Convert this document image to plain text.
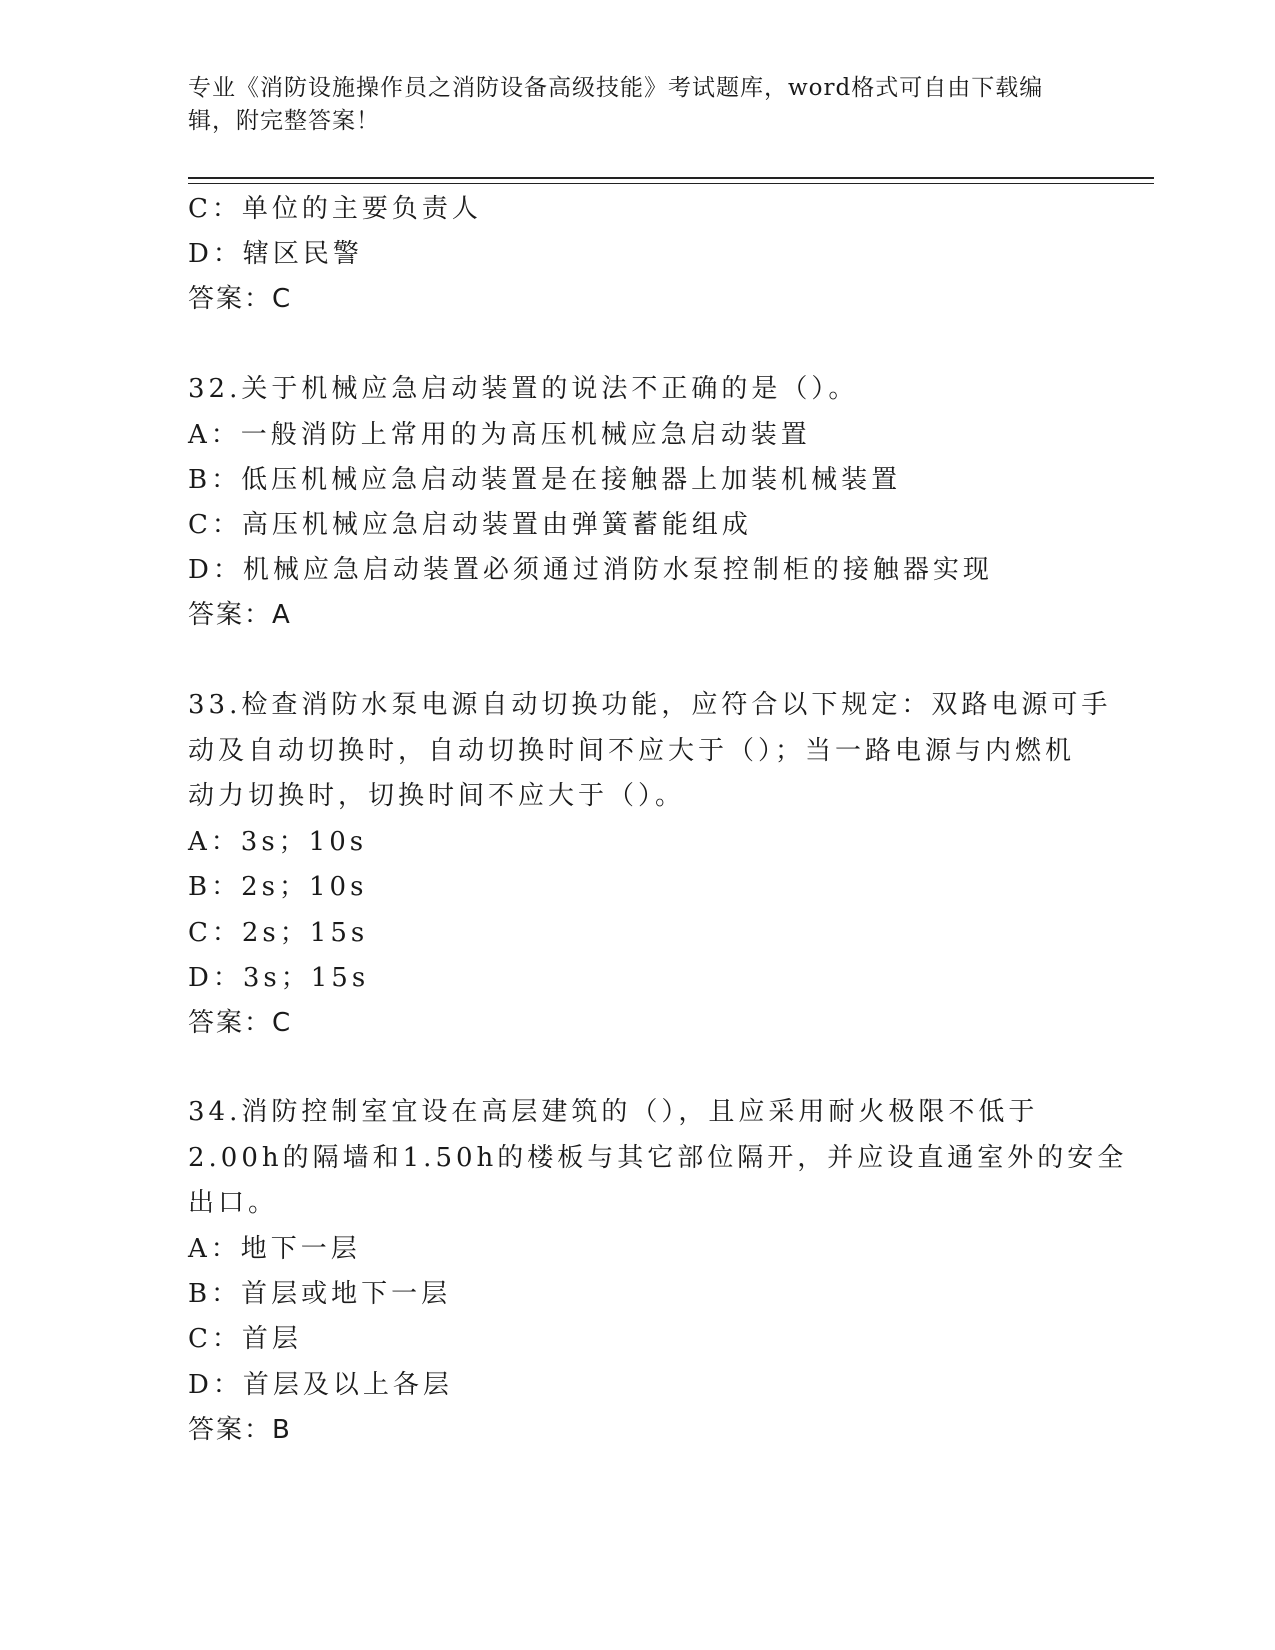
专业《消防设施操作员之消防设备高级技能》考试题库，word格式可自由下载编
辑，附完整答案！
C：单位的主要负责人
D：辖区民警
答案：C
32.关于机械应急启动装置的说法不正确的是（）。
A：一般消防上常用的为高压机械应急启动装置
B：低压机械应急启动装置是在接触器上加装机械装置
C：高压机械应急启动装置由弹簧蓄能组成
D：机械应急启动装置必须通过消防水泵控制柜的接触器实现
答案：A
33.检查消防水泵电源自动切换功能，应符合以下规定：双路电源可手
动及自动切换时，自动切换时间不应大于（）；当一路电源与内燃机
动力切换时，切换时间不应大于（）。
A：3s；10s
B：2s；10s
C：2s；15s
D：3s；15s
答案：C
34.消防控制室宜设在高层建筑的（），且应采用耐火极限不低于
2.00h的隔墙和1.50h的楼板与其它部位隔开，并应设直通室外的安全
出口。
A：地下一层
B：首层或地下一层
C：首层
D：首层及以上各层
答案：B
